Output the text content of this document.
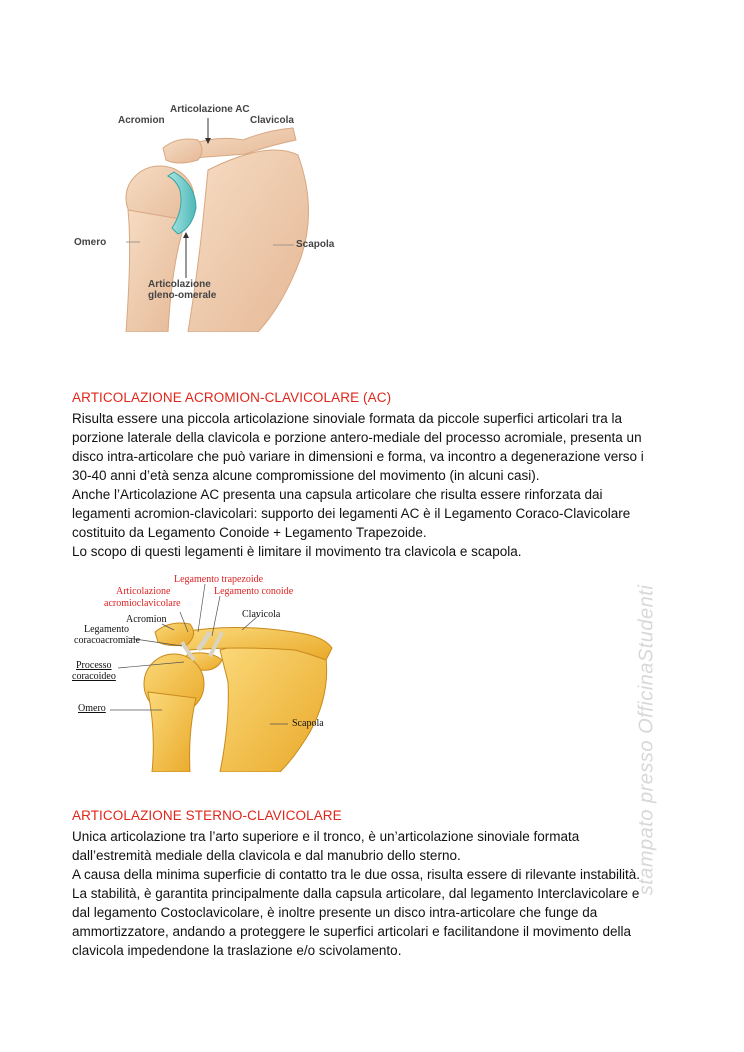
Articolazione AC
Acromion	Clavicola
Omero	Scapola
Articolazione
gleno-omerale
ARTICOLAZIONE ACROMION-CLAVICOLARE (AC)

Risulta essere una piccola articolazione sinoviale formata da piccole superfici articolari tra la

porzione laterale della clavicola e porzione antero-mediale del processo acromiale, presenta un

disco intra-articolare che può variare in dimensioni e forma, va incontro a degenerazione verso i

30-40 anni d’età senza alcune compromissione del movimento (in alcuni casi).

Anche l’Articolazione AC presenta una capsula articolare che risulta essere rinforzata dai

legamenti acromion-clavicolari: supporto dei legamenti AC è il Legamento Coraco-Clavicolare

costituito da Legamento Conoide + Legamento Trapezoide.

Lo scopo di questi legamenti è limitare il movimento tra clavicola e scapola.

Legamento trapezoide
Articolazione
acromioclavicolare
Legamento conoide
Clavicola
Acromion
Legamento
coracoacromiale
Processo
coracoideo
Omero
Scapola
ARTICOLAZIONE STERNO-CLAVICOLARE

Unica articolazione tra l’arto superiore e il tronco, è un’articolazione sinoviale formata

dall’estremità mediale della clavicola e dal manubrio dello sterno.

A causa della minima superficie di contatto tra le due ossa, risulta essere di rilevante instabilità.

La stabilità, è garantita principalmente dalla capsula articolare, dal legamento Interclavicolare e

dal legamento Costoclavicolare, è inoltre presente un disco intra-articolare che funge da

ammortizzatore, andando a proteggere le superfici articolari e facilitandone il movimento della

clavicola impedendone la traslazione e/o scivolamento.

stampato presso OfficinaStudenti
